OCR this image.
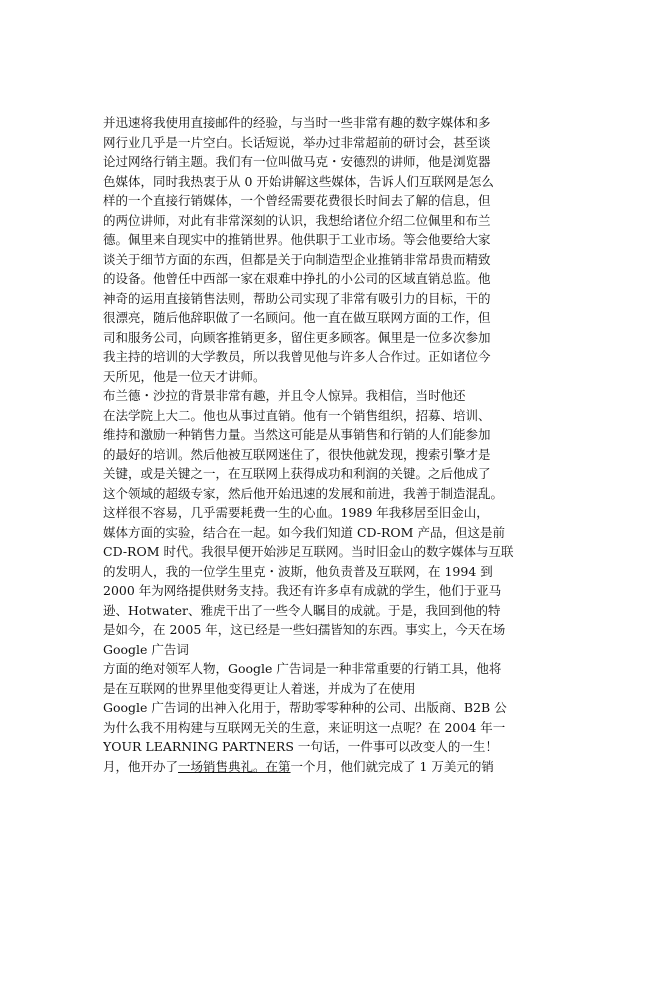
并迅速将我使用直接邮件的经验，与当时一些非常有趣的数字媒体和多
网行业几乎是一片空白。长话短说，举办过非常超前的研讨会，甚至谈
论过网络行销主题。我们有一位叫做马克・安德烈的讲师，他是浏览器
色媒体，同时我热衷于从 0 开始讲解这些媒体，告诉人们互联网是怎么
样的一个直接行销媒体，一个曾经需要花费很长时间去了解的信息，但
的两位讲师，对此有非常深刻的认识，我想给诸位介绍二位佩里和布兰
德。佩里来自现实中的推销世界。他供职于工业市场。等会他要给大家
谈关于细节方面的东西，但都是关于向制造型企业推销非常昂贵而精致
的设备。他曾任中西部一家在艰难中挣扎的小公司的区域直销总监。他
神奇的运用直接销售法则，帮助公司实现了非常有吸引力的目标，干的
很漂亮，随后他辞职做了一名顾问。他一直在做互联网方面的工作，但
司和服务公司，向顾客推销更多，留住更多顾客。佩里是一位多次参加
我主持的培训的大学教员，所以我曾见他与许多人合作过。正如诸位今
天所见，他是一位天才讲师。
布兰德・沙拉的背景非常有趣，并且令人惊异。我相信，当时他还
在法学院上大二。他也从事过直销。他有一个销售组织，招募、培训、
维持和激励一种销售力量。当然这可能是从事销售和行销的人们能参加
的最好的培训。然后他被互联网迷住了，很快他就发现，搜索引擎才是
关键，或是关键之一，在互联网上获得成功和利润的关键。之后他成了
这个领域的超级专家，然后他开始迅速的发展和前进，我善于制造混乱。
这样很不容易，几乎需要耗费一生的心血。1989 年我移居至旧金山，
媒体方面的实验，结合在一起。如今我们知道 CD-ROM 产品，但这是前
CD-ROM 时代。我很早便开始涉足互联网。当时旧金山的数字媒体与互联
的发明人，我的一位学生里克・波斯，他负责普及互联网，在 1994 到
2000 年为网络提供财务支持。我还有许多卓有成就的学生，他们于亚马
逊、Hotwater、雅虎干出了一些令人瞩目的成就。于是，我回到他的特
是如今，在 2005 年，这已经是一些妇孺皆知的东西。事实上，今天在场
Google 广告词
方面的绝对领军人物，Google 广告词是一种非常重要的行销工具，他将
是在互联网的世界里他变得更让人着迷，并成为了在使用
Google 广告词的出神入化用于，帮助零零种种的公司、出版商、B2B 公
为什么我不用构建与互联网无关的生意，来证明这一点呢？在 2004 年一
YOUR LEARNING PARTNERS 一句话，一件事可以改变人的一生！
月，他开办了一场销售典礼。在第一个月，他们就完成了 1 万美元的销
